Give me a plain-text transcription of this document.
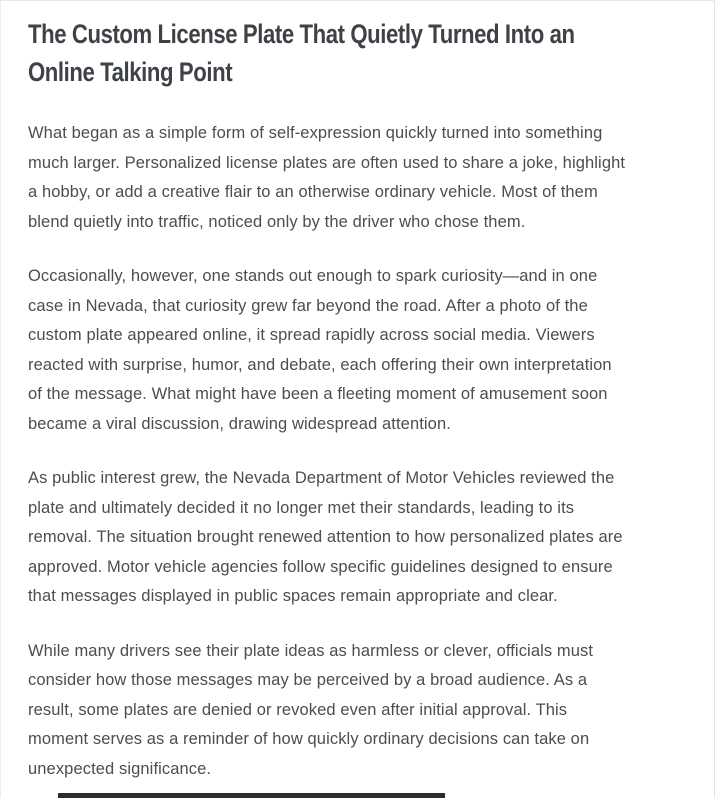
The Custom License Plate That Quietly Turned Into an
Online Talking Point

What began as a simple form of self-expression quickly turned into something
much larger. Personalized license plates are often used to share a joke, highlight
a hobby, or add a creative flair to an otherwise ordinary vehicle. Most of them
blend quietly into traffic, noticed only by the driver who chose them.

Occasionally, however, one stands out enough to spark curiosity—and in one
case in Nevada, that curiosity grew far beyond the road. After a photo of the
custom plate appeared online, it spread rapidly across social media. Viewers
reacted with surprise, humor, and debate, each offering their own interpretation
of the message. What might have been a fleeting moment of amusement soon
became a viral discussion, drawing widespread attention.

As public interest grew, the Nevada Department of Motor Vehicles reviewed the
plate and ultimately decided it no longer met their standards, leading to its
removal. The situation brought renewed attention to how personalized plates are
approved. Motor vehicle agencies follow specific guidelines designed to ensure
that messages displayed in public spaces remain appropriate and clear.

While many drivers see their plate ideas as harmless or clever, officials must
consider how those messages may be perceived by a broad audience. As a
result, some plates are denied or revoked even after initial approval. This
moment serves as a reminder of how quickly ordinary decisions can take on
unexpected significance.
